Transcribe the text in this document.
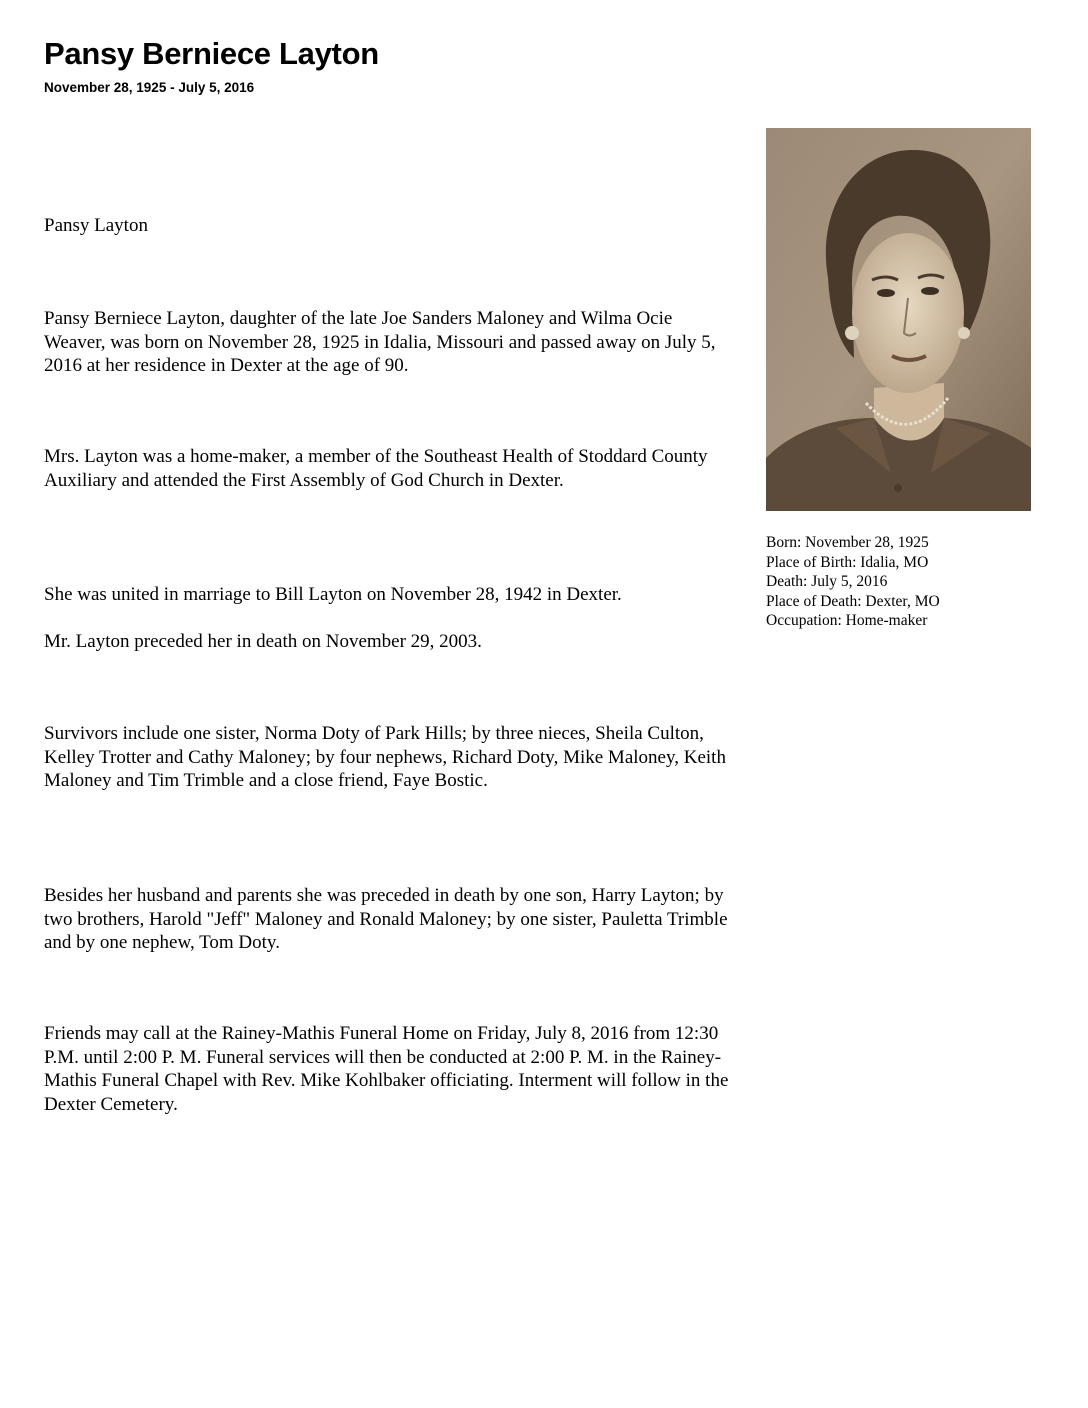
Pansy Berniece Layton
November 28, 1925 - July 5, 2016

Pansy Layton

Pansy Berniece Layton, daughter of the late Joe Sanders Maloney and Wilma Ocie Weaver, was born on November 28, 1925 in Idalia, Missouri and passed away on July 5, 2016 at her residence in Dexter at the age of 90.

Mrs. Layton was a home-maker, a member of the Southeast Health of Stoddard County Auxiliary and attended the First Assembly of God Church in Dexter.

She was united in marriage to Bill Layton on November 28, 1942 in Dexter.

Mr. Layton preceded her in death on November 29, 2003.

Survivors include one sister, Norma Doty of Park Hills; by three nieces, Sheila Culton, Kelley Trotter and Cathy Maloney; by four nephews, Richard Doty, Mike Maloney, Keith Maloney and Tim Trimble and a close friend, Faye Bostic.

Besides her husband and parents she was preceded in death by one son, Harry Layton; by two brothers, Harold "Jeff" Maloney and Ronald Maloney; by one sister, Pauletta Trimble and by one nephew, Tom Doty.

Friends may call at the Rainey-Mathis Funeral Home on Friday, July 8, 2016 from 12:30 P.M. until 2:00 P. M. Funeral services will then be conducted at 2:00 P. M. in the Rainey-Mathis Funeral Chapel with Rev. Mike Kohlbaker officiating. Interment will follow in the Dexter Cemetery.

Born: November 28, 1925
Place of Birth: Idalia, MO
Death: July 5, 2016
Place of Death: Dexter, MO
Occupation: Home-maker
